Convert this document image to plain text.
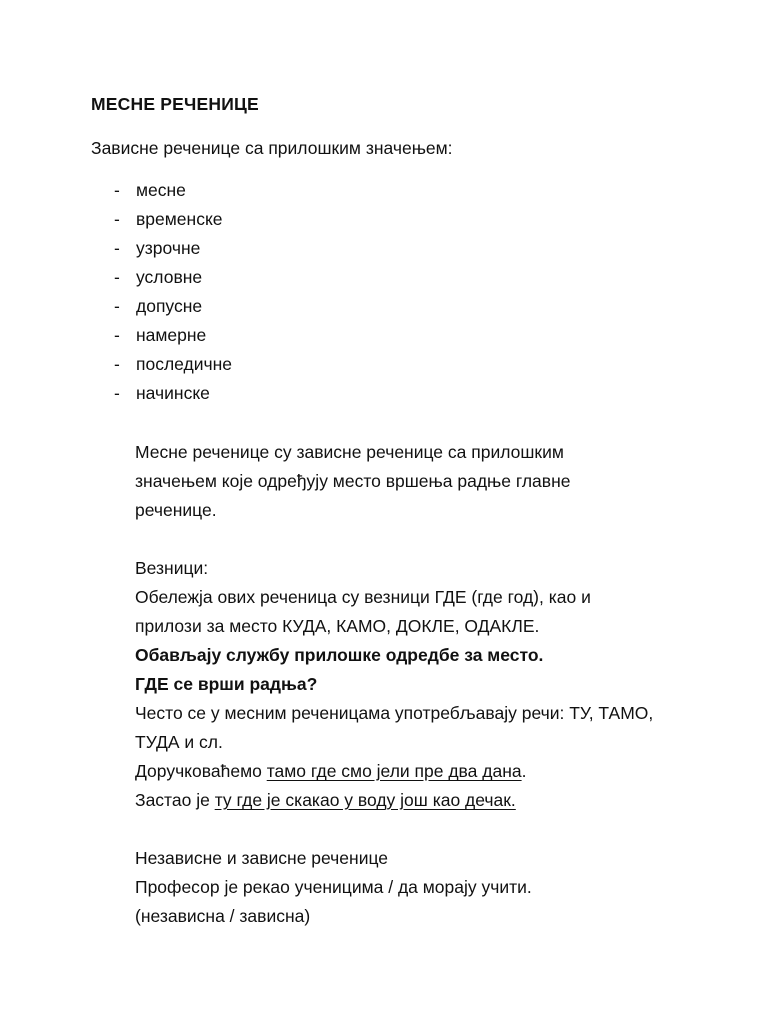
МЕСНЕ РЕЧЕНИЦЕ
Зависне реченице са прилошким значењем:
- месне
- временске
- узрочне
- условне
- допусне
- намерне
- последичне
- начинске
Месне реченице су зависне реченице са прилошким
значењем које одређују место вршења радње главне
реченице.
Везници:
Обележја ових реченица су везници ГДЕ (где год), као и
прилози за место КУДА, КАМО, ДОКЛЕ, ОДАКЛЕ.
Обављају службу прилошке одредбе за место.
ГДЕ се врши радња?
Често се у месним реченицама употребљавају речи: ТУ, ТАМО,
ТУДА и сл.
Доручковаћемо тамо где смо јели пре два дана.
Застао је ту где је скакао у воду још као дечак.
Независне и зависне реченице
Професор је рекао ученицима / да морају учити.
(независна / зависна)
